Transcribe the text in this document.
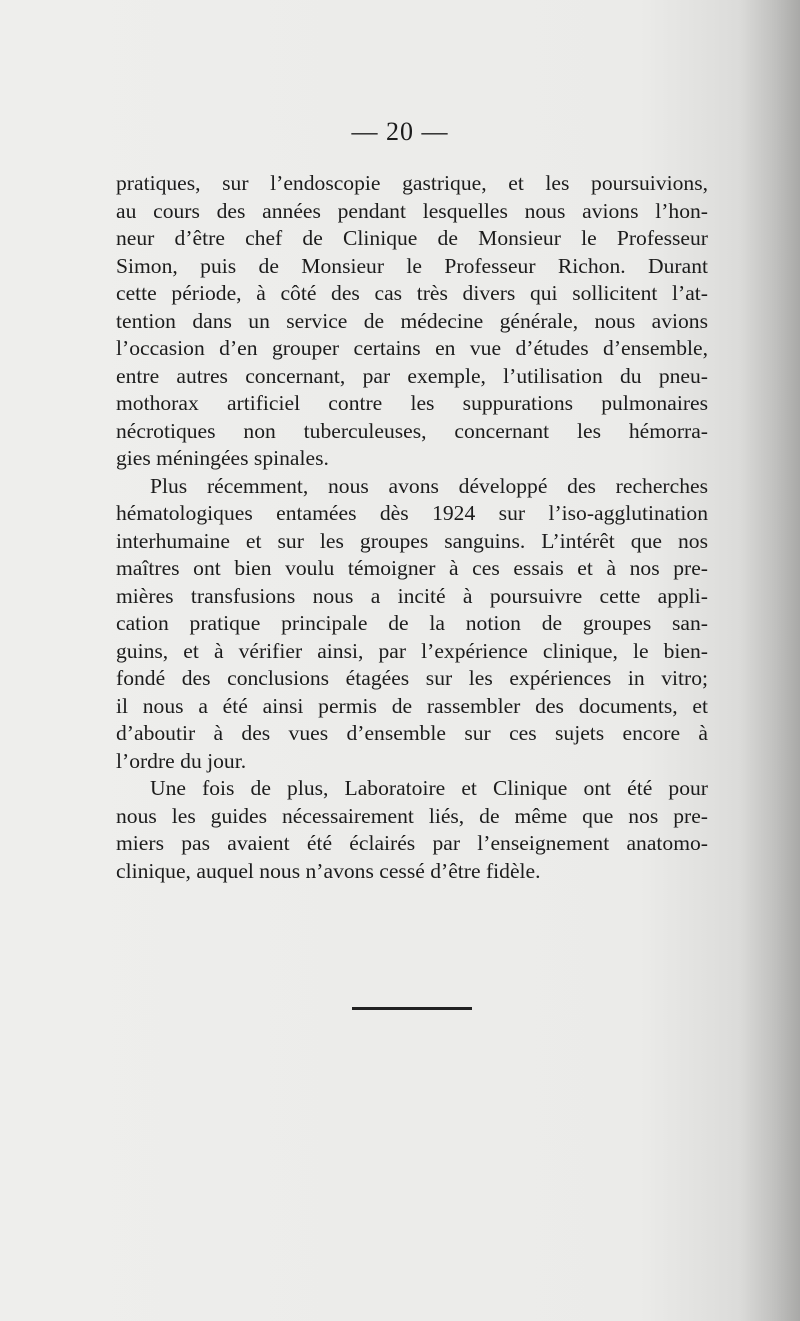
— 20 —
pratiques, sur l’endoscopie gastrique, et les poursuivions,
au cours des années pendant lesquelles nous avions l’hon-
neur d’être chef de Clinique de Monsieur le Professeur
Simon, puis de Monsieur le Professeur Richon. Durant
cette période, à côté des cas très divers qui sollicitent l’at-
tention dans un service de médecine générale, nous avions
l’occasion d’en grouper certains en vue d’études d’ensemble,
entre autres concernant, par exemple, l’utilisation du pneu-
mothorax artificiel contre les suppurations pulmonaires
nécrotiques non tuberculeuses, concernant les hémorra-
gies méningées spinales.
Plus récemment, nous avons développé des recherches
hématologiques entamées dès 1924 sur l’iso-agglutination
interhumaine et sur les groupes sanguins. L’intérêt que nos
maîtres ont bien voulu témoigner à ces essais et à nos pre-
mières transfusions nous a incité à poursuivre cette appli-
cation pratique principale de la notion de groupes san-
guins, et à vérifier ainsi, par l’expérience clinique, le bien-
fondé des conclusions étagées sur les expériences in vitro;
il nous a été ainsi permis de rassembler des documents, et
d’aboutir à des vues d’ensemble sur ces sujets encore à
l’ordre du jour.
Une fois de plus, Laboratoire et Clinique ont été pour
nous les guides nécessairement liés, de même que nos pre-
miers pas avaient été éclairés par l’enseignement anatomo-
clinique, auquel nous n’avons cessé d’être fidèle.
